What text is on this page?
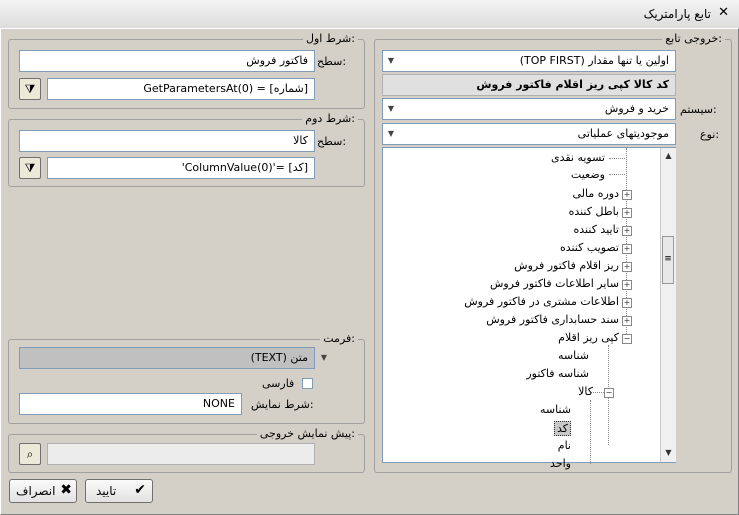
تابع پارامتریک ✕
خروجی تابع:
اولین یا تنها مقدار (TOP FIRST)
▼
کد کالا کپی ریز اقلام فاکتور فروش
سیستم:
خرید و فروش
▼
نوع:
موجودیتهای عملیاتی
▼
تسویه نقدی
وضعیت
+
دوره مالی
+
باطل کننده
+
تایید کننده
+
تصویب کننده
+
ریز اقلام فاکتور فروش
+
سایر اطلاعات فاکتور فروش
+
اطلاعات مشتری در فاکتور فروش
+
سند حسابداری فاکتور فروش
−
کپی ریز اقلام
شناسه
شناسه فاکتور
−
کالا
شناسه
کد
نام
واحد
▲
≡
▼
شرط اول:
سطح:
فاکتور فروش
⧩	GetParametersAt(0) = [شماره]
شرط دوم:
سطح:
کالا
⧩	'ColumnValue(0)'= [کد]
فرمت:
متن (TEXT)	▼
فارسی
شرط نمایش:
NONE
پیش نمایش خروجی:
⌕
✖
انصراف	✔
تایید
